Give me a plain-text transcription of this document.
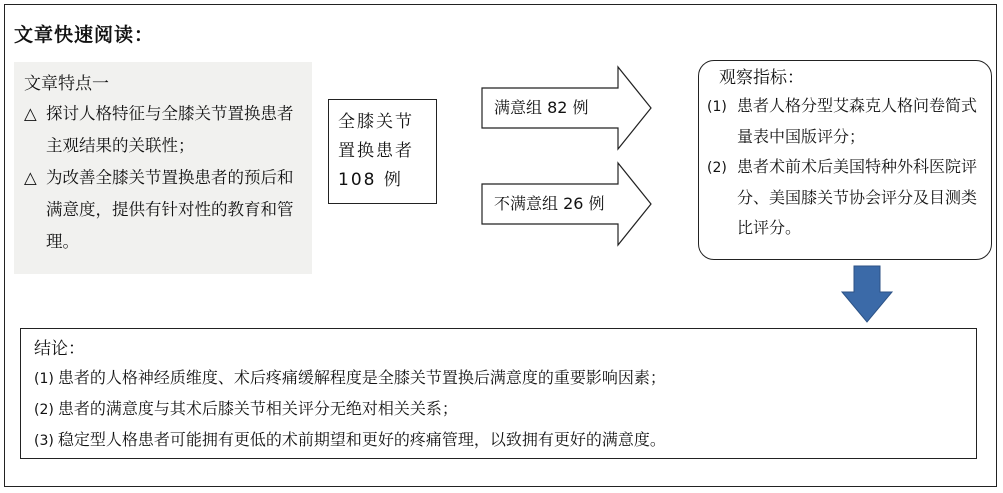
文章快速阅读：
文章特点一
△ 探讨人格特征与全膝关节置换患者主观结果的关联性；
△ 为改善全膝关节置换患者的预后和满意度，提供有针对性的教育和管理。
全膝关节
置换患者
108 例
满意组 82 例
不满意组 26 例
观察指标：
(1) 患者人格分型艾森克人格问卷简式量表中国版评分；
(2) 患者术前术后美国特种外科医院评分、美国膝关节协会评分及目测类比评分。
结论：
(1) 患者的人格神经质维度、术后疼痛缓解程度是全膝关节置换后满意度的重要影响因素；
(2) 患者的满意度与其术后膝关节相关评分无绝对相关关系；
(3) 稳定型人格患者可能拥有更低的术前期望和更好的疼痛管理，以致拥有更好的满意度。
